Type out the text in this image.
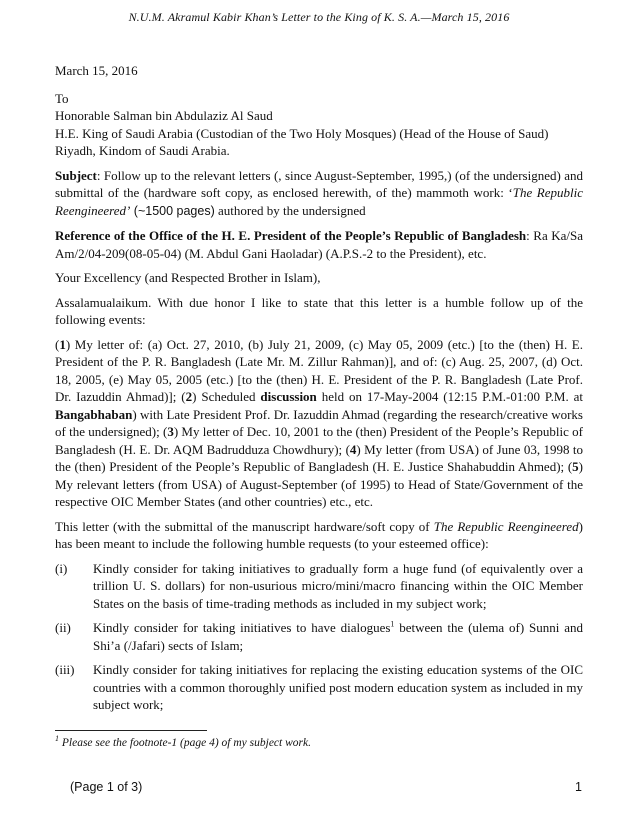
N.U.M. Akramul Kabir Khan’s Letter to the King of K. S. A.—March 15, 2016
March 15, 2016
To
Honorable Salman bin Abdulaziz Al Saud
H.E. King of Saudi Arabia (Custodian of the Two Holy Mosques) (Head of the House of Saud)
Riyadh, Kindom of Saudi Arabia.
Subject: Follow up to the relevant letters (, since August-September, 1995,) (of the undersigned) and submittal of the (hardware soft copy, as enclosed herewith, of the) mammoth work: ‘The Republic Reengineered’ (~1500 pages) authored by the undersigned
Reference of the Office of the H. E. President of the People’s Republic of Bangladesh: Ra Ka/Sa Am/2/04-209(08-05-04) (M. Abdul Gani Haoladar) (A.P.S.-2 to the President), etc.
Your Excellency (and Respected Brother in Islam),
Assalamualaikum. With due honor I like to state that this letter is a humble follow up of the following events:
(1) My letter of: (a) Oct. 27, 2010, (b) July 21, 2009, (c) May 05, 2009 (etc.) [to the (then) H. E. President of the P. R. Bangladesh (Late Mr. M. Zillur Rahman)], and of: (c) Aug. 25, 2007, (d) Oct. 18, 2005, (e) May 05, 2005 (etc.) [to the (then) H. E. President of the P. R. Bangladesh (Late Prof. Dr. Iazuddin Ahmad)]; (2) Scheduled discussion held on 17-May-2004 (12:15 P.M.-01:00 P.M. at Bangabhaban) with Late President Prof. Dr. Iazuddin Ahmad (regarding the research/creative works of the undersigned); (3) My letter of Dec. 10, 2001 to the (then) President of the People’s Republic of Bangladesh (H. E. Dr. AQM Badrudduza Chowdhury); (4) My letter (from USA) of June 03, 1998 to the (then) President of the People’s Republic of Bangladesh (H. E. Justice Shahabuddin Ahmed); (5) My relevant letters (from USA) of August-September (of 1995) to Head of State/Government of the respective OIC Member States (and other countries) etc., etc.
This letter (with the submittal of the manuscript hardware/soft copy of The Republic Reengineered) has been meant to include the following humble requests (to your esteemed office):
(i)	Kindly consider for taking initiatives to gradually form a huge fund (of equivalently over a trillion U. S. dollars) for non-usurious micro/mini/macro financing within the OIC Member States on the basis of time-trading methods as included in my subject work;
(ii)	Kindly consider for taking initiatives to have dialogues$^1$ between the (ulema of) Sunni and Shi’a (/Jafari) sects of Islam;
(iii)	Kindly consider for taking initiatives for replacing the existing education systems of the OIC countries with a common thoroughly unified post modern education system as included in my subject work;
$^1$ Please see the footnote-1 (page 4) of my subject work.
(Page 1 of 3)	1
